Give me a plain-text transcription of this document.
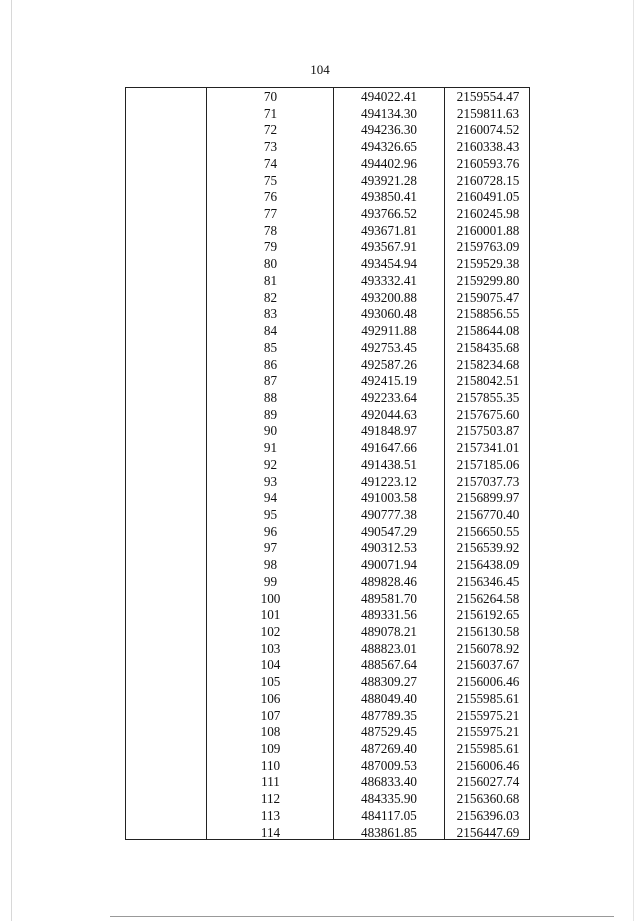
104
70	494022.41	2159554.47
71	494134.30	2159811.63
72	494236.30	2160074.52
73	494326.65	2160338.43
74	494402.96	2160593.76
75	493921.28	2160728.15
76	493850.41	2160491.05
77	493766.52	2160245.98
78	493671.81	2160001.88
79	493567.91	2159763.09
80	493454.94	2159529.38
81	493332.41	2159299.80
82	493200.88	2159075.47
83	493060.48	2158856.55
84	492911.88	2158644.08
85	492753.45	2158435.68
86	492587.26	2158234.68
87	492415.19	2158042.51
88	492233.64	2157855.35
89	492044.63	2157675.60
90	491848.97	2157503.87
91	491647.66	2157341.01
92	491438.51	2157185.06
93	491223.12	2157037.73
94	491003.58	2156899.97
95	490777.38	2156770.40
96	490547.29	2156650.55
97	490312.53	2156539.92
98	490071.94	2156438.09
99	489828.46	2156346.45
100	489581.70	2156264.58
101	489331.56	2156192.65
102	489078.21	2156130.58
103	488823.01	2156078.92
104	488567.64	2156037.67
105	488309.27	2156006.46
106	488049.40	2155985.61
107	487789.35	2155975.21
108	487529.45	2155975.21
109	487269.40	2155985.61
110	487009.53	2156006.46
111	486833.40	2156027.74
112	484335.90	2156360.68
113	484117.05	2156396.03
114	483861.85	2156447.69
